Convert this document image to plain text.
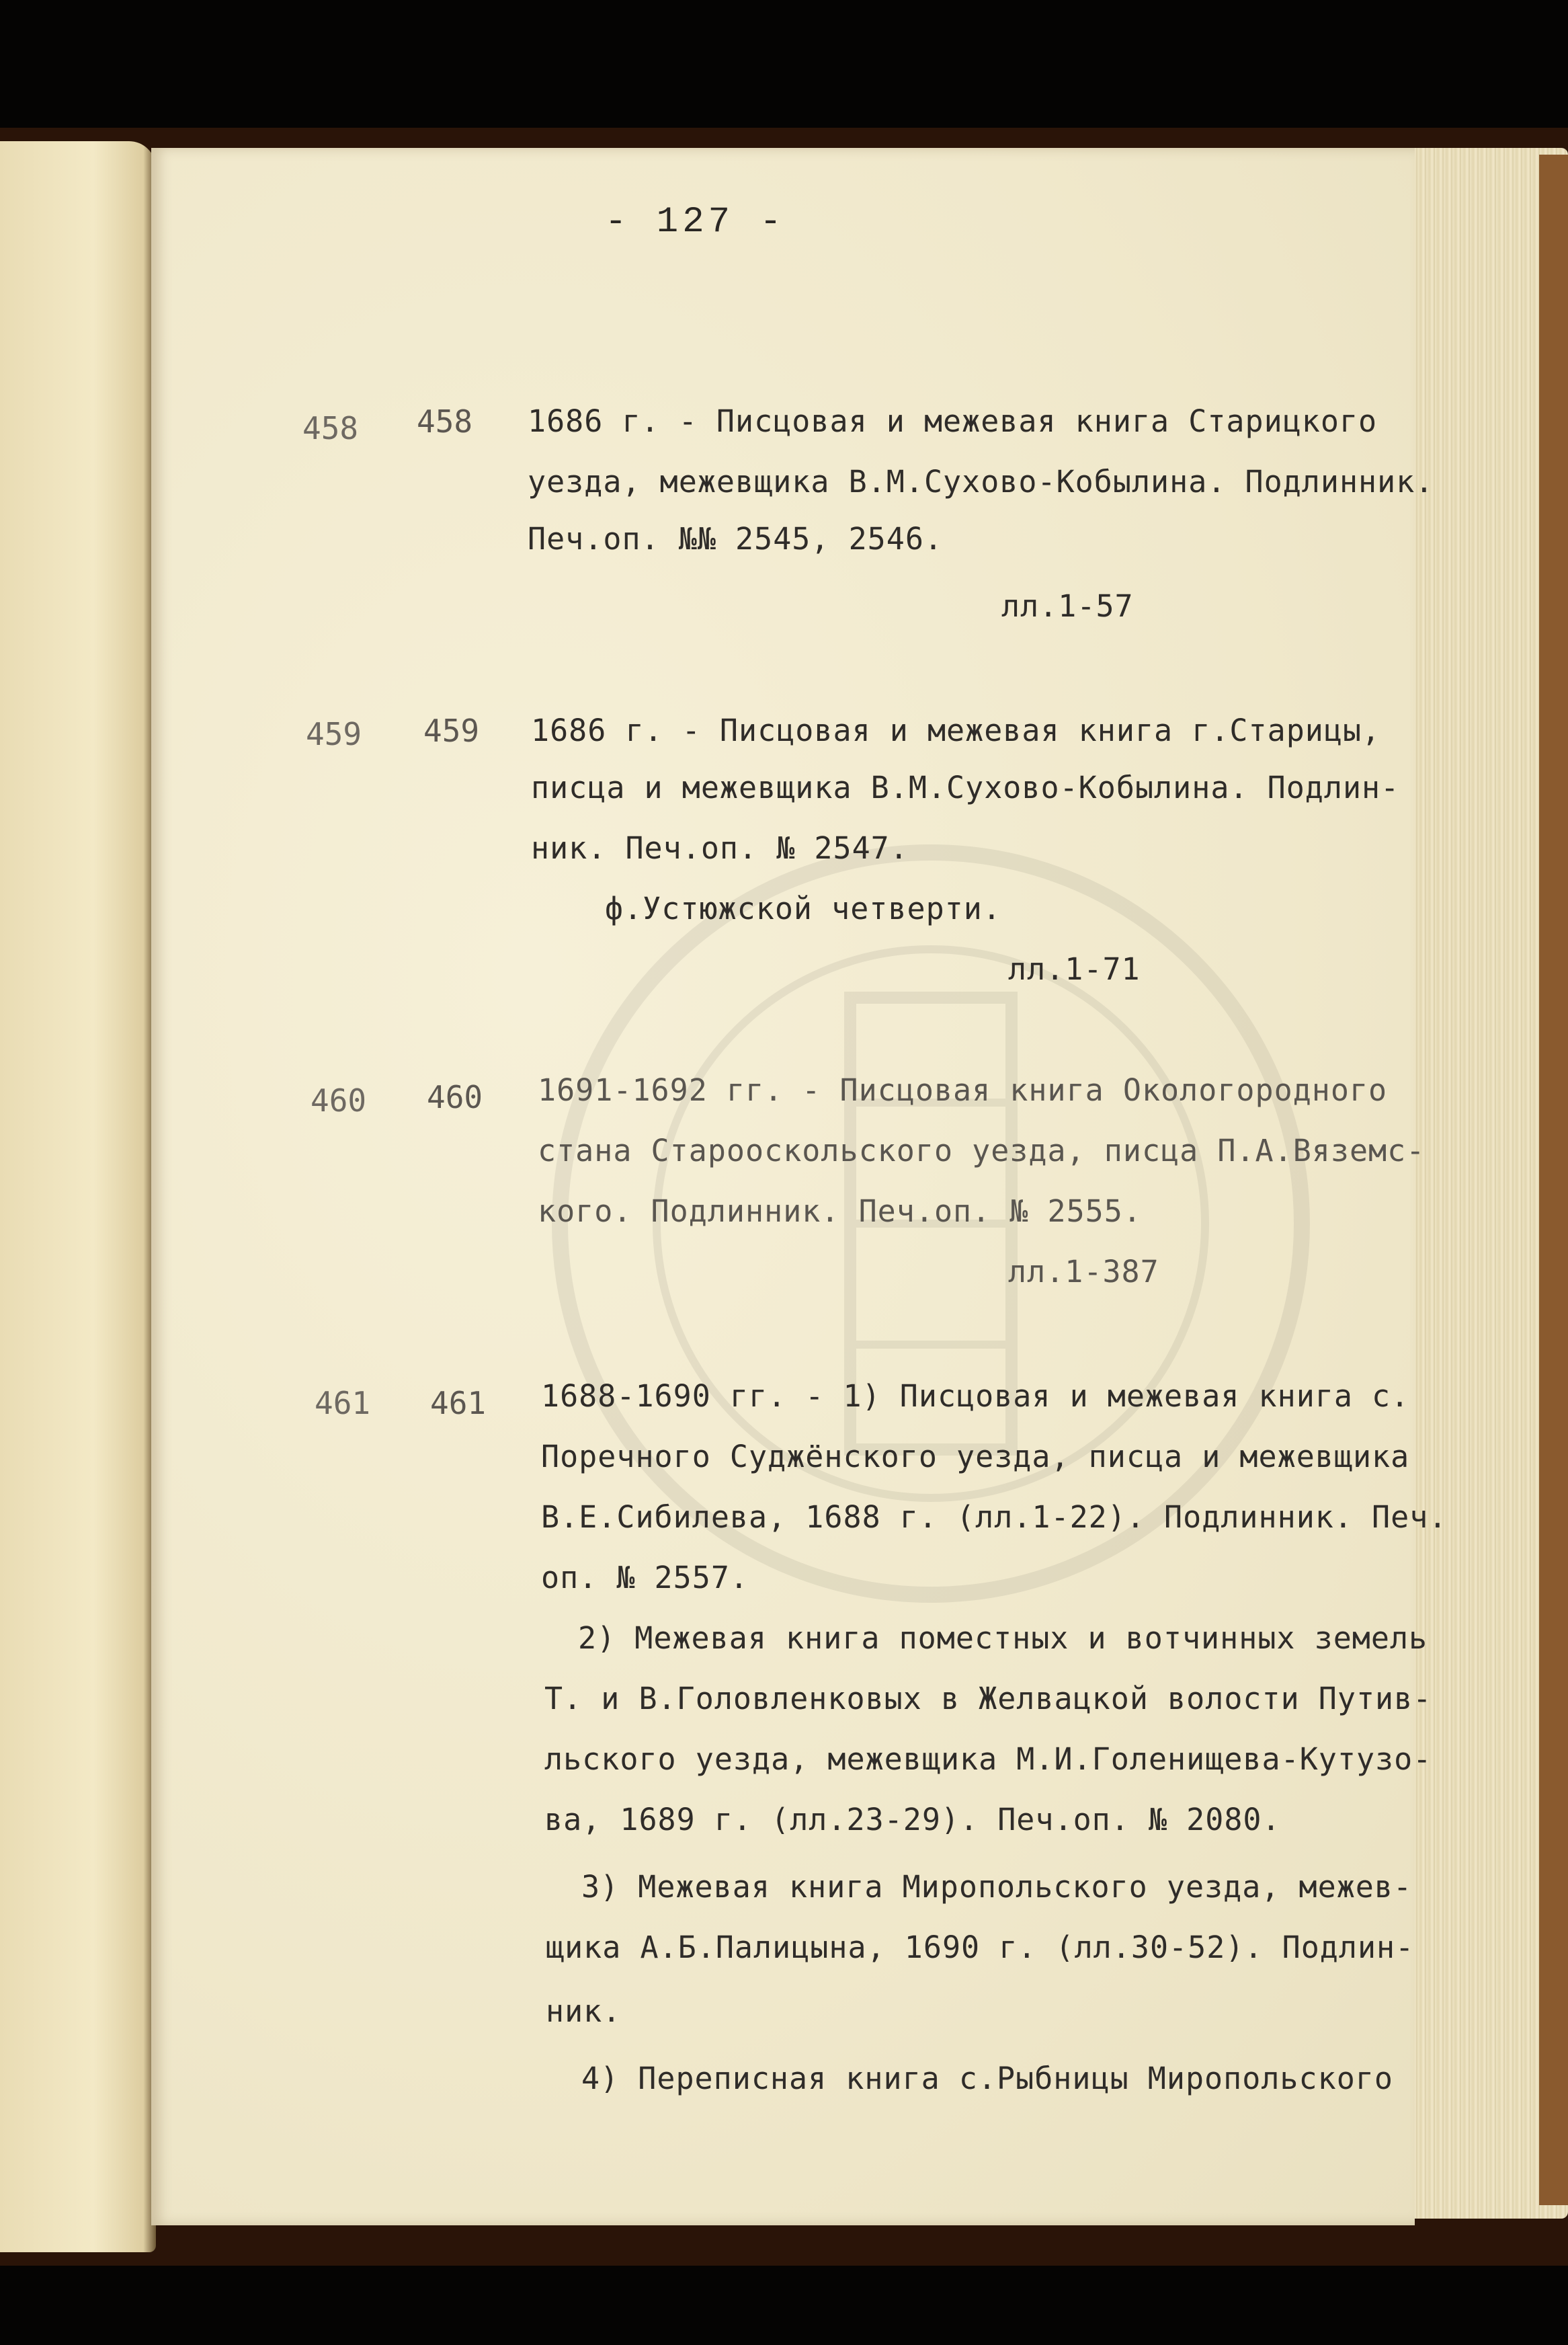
- 127 -
458 458 1686 г. - Писцовая и межевая книга Старицкого
уезда, межевщика В.М.Сухово-Кобылина. Подлинник.
Печ.оп. №№ 2545, 2546.
лл.1-57
459 459 1686 г. - Писцовая и межевая книга г.Старицы,
писца и межевщика В.М.Сухово-Кобылина. Подлин-
ник. Печ.оп. № 2547.
ф.Устюжской четверти.
лл.1-71
460 460 1691-1692 гг. - Писцовая книга Окологородного
стана Старооскольского уезда, писца П.А.Вяземс-
кого. Подлинник. Печ.оп. № 2555.
лл.1-387
461 461 1688-1690 гг. - 1) Писцовая и межевая книга с.
Поречного Суджёнского уезда, писца и межевщика
В.Е.Сибилева, 1688 г. (лл.1-22). Подлинник. Печ.
оп. № 2557.
2) Межевая книга поместных и вотчинных земель
Т. и В.Головленковых в Желвацкой волости Путив-
льского уезда, межевщика М.И.Голенищева-Кутузо-
ва, 1689 г. (лл.23-29). Печ.оп. № 2080.
3) Межевая книга Миропольского уезда, межев-
щика А.Б.Палицына, 1690 г. (лл.30-52). Подлин-
ник.
4) Переписная книга с.Рыбницы Миропольского
